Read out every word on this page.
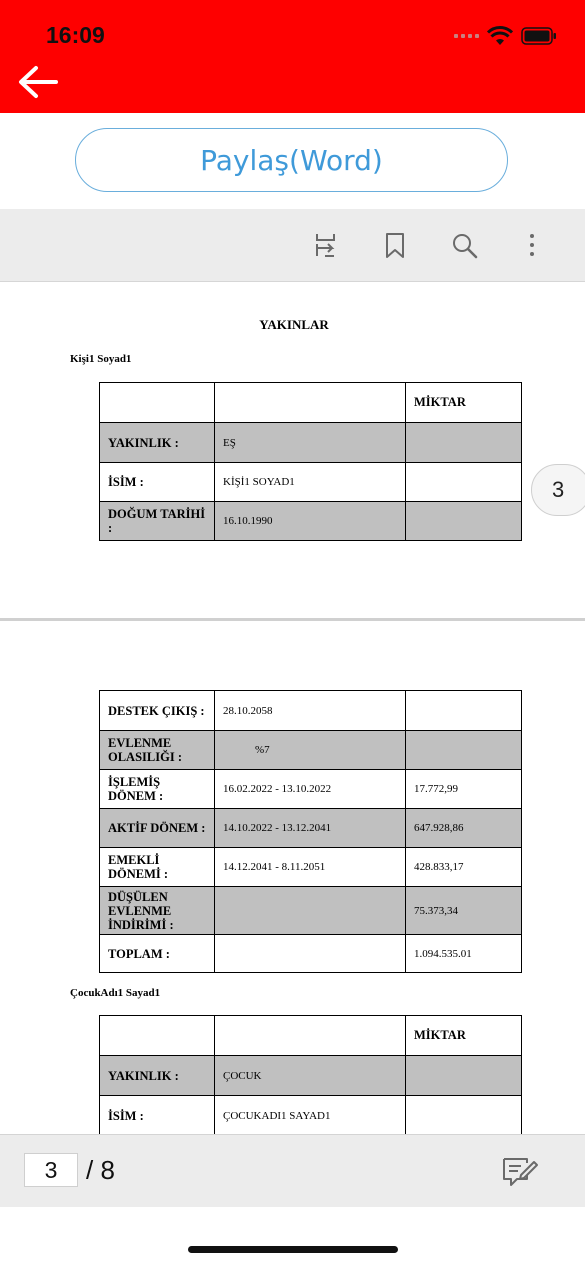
16:09
Paylaş(Word)
YAKINLAR
Kişi1 Soyad1
		MİKTAR
YAKINLIK :	EŞ	
İSİM :	KİŞİ1 SOYAD1	
DOĞUM TARİHİ :	16.10.1990	
DESTEK ÇIKIŞ :	28.10.2058	
EVLENME OLASILIĞI :	%7	
İŞLEMİŞ DÖNEM :	16.02.2022 - 13.10.2022	17.772,99
AKTİF DÖNEM :	14.10.2022 - 13.12.2041	647.928,86
EMEKLİ DÖNEMİ :	14.12.2041 - 8.11.2051	428.833,17
DÜŞÜLEN EVLENME İNDİRİMİ :		75.373,34
TOPLAM :		1.094.535.01
ÇocukAdı1 Sayad1
		MİKTAR
YAKINLIK :	ÇOCUK	
İSİM :	ÇOCUKADI1 SAYAD1	
3
3	/ 8
